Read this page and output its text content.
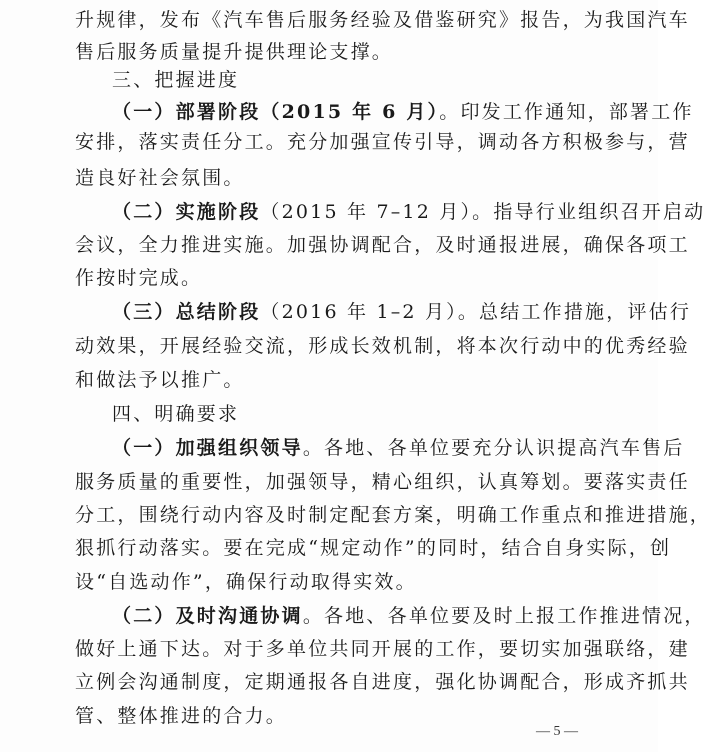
升规律，发布《汽车售后服务经验及借鉴研究》报告，为我国汽车
售后服务质量提升提供理论支撑。
三、把握进度
（一）部署阶段（2015 年 6 月）。印发工作通知，部署工作
安排，落实责任分工。充分加强宣传引导，调动各方积极参与，营
造良好社会氛围。
（二）实施阶段（2015 年 7–12 月）。指导行业组织召开启动
会议，全力推进实施。加强协调配合，及时通报进展，确保各项工
作按时完成。
（三）总结阶段（2016 年 1–2 月）。总结工作措施，评估行
动效果，开展经验交流，形成长效机制，将本次行动中的优秀经验
和做法予以推广。
四、明确要求
（一）加强组织领导。各地、各单位要充分认识提高汽车售后
服务质量的重要性，加强领导，精心组织，认真筹划。要落实责任
分工，围绕行动内容及时制定配套方案，明确工作重点和推进措施，
狠抓行动落实。要在完成“规定动作”的同时，结合自身实际，创
设“自选动作”，确保行动取得实效。
（二）及时沟通协调。各地、各单位要及时上报工作推进情况，
做好上通下达。对于多单位共同开展的工作，要切实加强联络，建
立例会沟通制度，定期通报各自进度，强化协调配合，形成齐抓共
管、整体推进的合力。
— 5 —
